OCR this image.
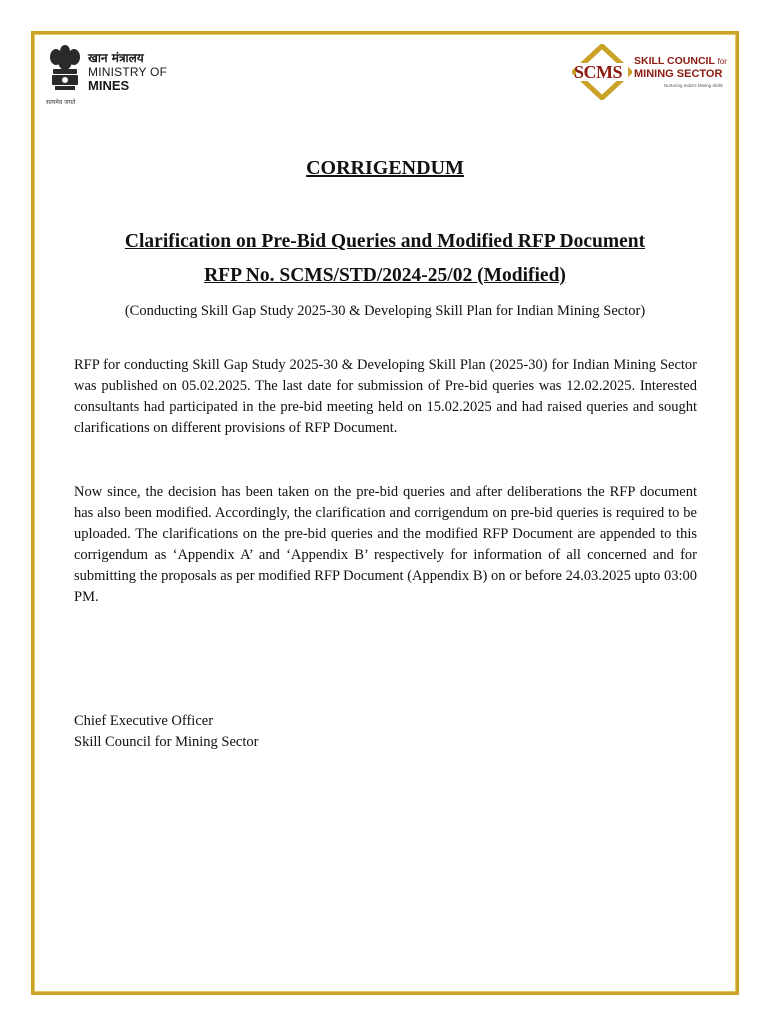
खान मंत्रालय
MINISTRY OF
MINES
सत्यमेव जयते
SCMS
SKILL COUNCIL for
MINING SECTOR
Nurturing India's Mining Skills
CORRIGENDUM
Clarification on Pre-Bid Queries and Modified RFP Document
RFP No. SCMS/STD/2024-25/02 (Modified)
(Conducting Skill Gap Study 2025-30 & Developing Skill Plan for Indian Mining Sector)

RFP for conducting Skill Gap Study 2025-30 & Developing Skill Plan (2025-30) for Indian Mining Sector was published on 05.02.2025. The last date for submission of Pre-bid queries was 12.02.2025. Interested consultants had participated in the pre-bid meeting held on 15.02.2025 and had raised queries and sought clarifications on different provisions of RFP Document.

Now since, the decision has been taken on the pre-bid queries and after deliberations the RFP document has also been modified. Accordingly, the clarification and corrigendum on pre-bid queries is required to be uploaded. The clarifications on the pre-bid queries and the modified RFP Document are appended to this corrigendum as ‘Appendix A’ and ‘Appendix B’ respectively for information of all concerned and for submitting the proposals as per modified RFP Document (Appendix B) on or before 24.03.2025 upto 03:00 PM.

Chief Executive Officer
Skill Council for Mining Sector
